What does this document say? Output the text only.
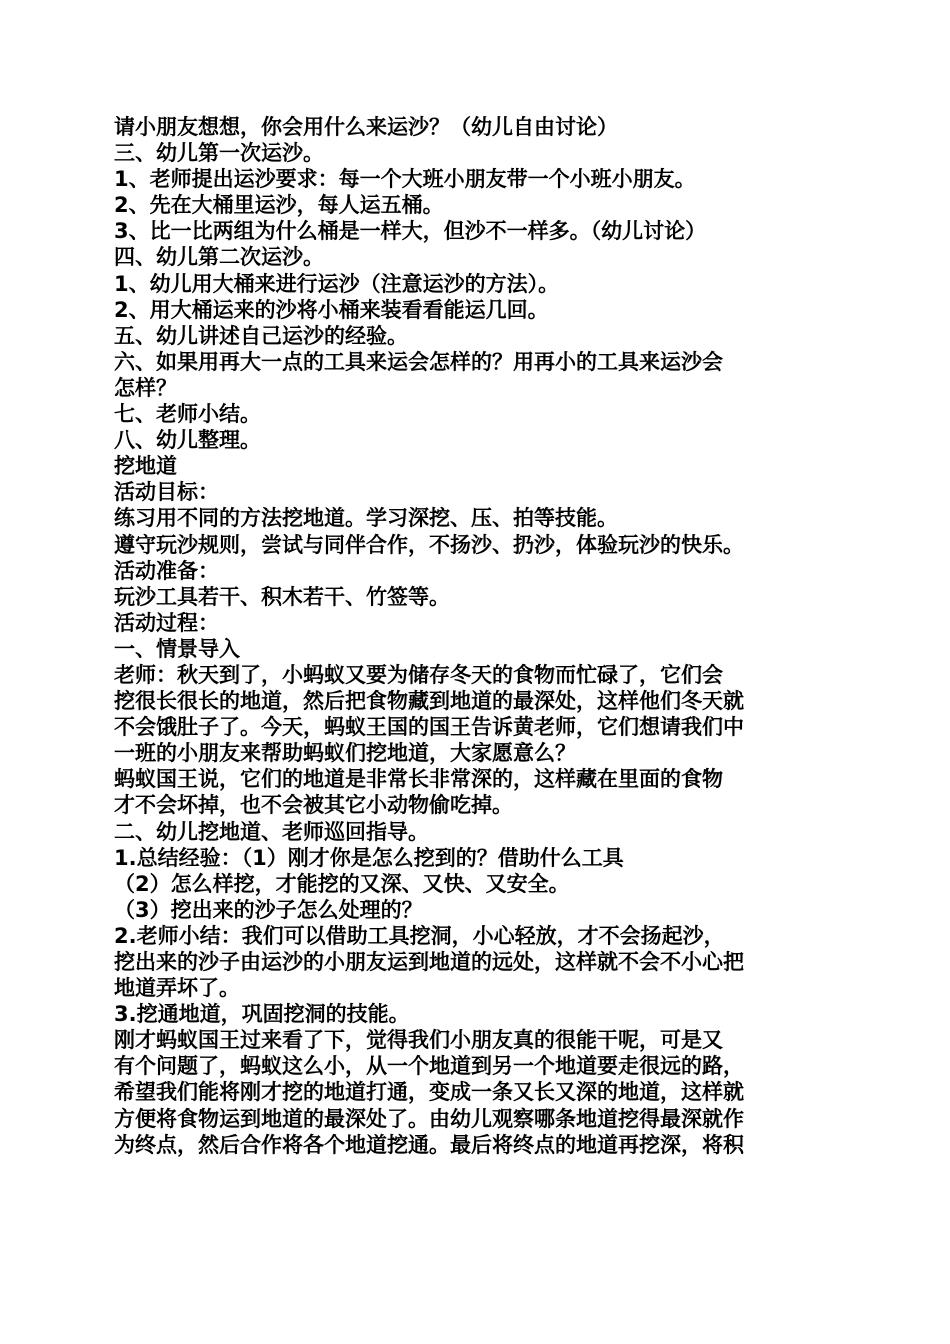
请小朋友想想，你会用什么来运沙？（幼儿自由讨论）
三、幼儿第一次运沙。
1、老师提出运沙要求：每一个大班小朋友带一个小班小朋友。
2、先在大桶里运沙，每人运五桶。
3、比一比两组为什么桶是一样大，但沙不一样多。（幼儿讨论）
四、幼儿第二次运沙。
1、幼儿用大桶来进行运沙（注意运沙的方法）。
2、用大桶运来的沙将小桶来装看看能运几回。
五、幼儿讲述自己运沙的经验。
六、如果用再大一点的工具来运会怎样的？用再小的工具来运沙会
怎样？
七、老师小结。
八、幼儿整理。
挖地道
活动目标：
练习用不同的方法挖地道。学习深挖、压、拍等技能。
遵守玩沙规则，尝试与同伴合作，不扬沙、扔沙，体验玩沙的快乐。
活动准备：
玩沙工具若干、积木若干、竹签等。
活动过程：
一、情景导入
老师：秋天到了，小蚂蚁又要为储存冬天的食物而忙碌了，它们会
挖很长很长的地道，然后把食物藏到地道的最深处，这样他们冬天就
不会饿肚子了。今天，蚂蚁王国的国王告诉黄老师，它们想请我们中
一班的小朋友来帮助蚂蚁们挖地道，大家愿意么？
蚂蚁国王说，它们的地道是非常长非常深的，这样藏在里面的食物
才不会坏掉，也不会被其它小动物偷吃掉。
二、幼儿挖地道、老师巡回指导。
1.总结经验：（1）刚才你是怎么挖到的？借助什么工具
（2）怎么样挖，才能挖的又深、又快、又安全。
（3）挖出来的沙子怎么处理的？
2.老师小结：我们可以借助工具挖洞，小心轻放，才不会扬起沙，
挖出来的沙子由运沙的小朋友运到地道的远处，这样就不会不小心把
地道弄坏了。
3.挖通地道，巩固挖洞的技能。
刚才蚂蚁国王过来看了下，觉得我们小朋友真的很能干呢，可是又
有个问题了，蚂蚁这么小，从一个地道到另一个地道要走很远的路，
希望我们能将刚才挖的地道打通，变成一条又长又深的地道，这样就
方便将食物运到地道的最深处了。由幼儿观察哪条地道挖得最深就作
为终点，然后合作将各个地道挖通。最后将终点的地道再挖深，将积
